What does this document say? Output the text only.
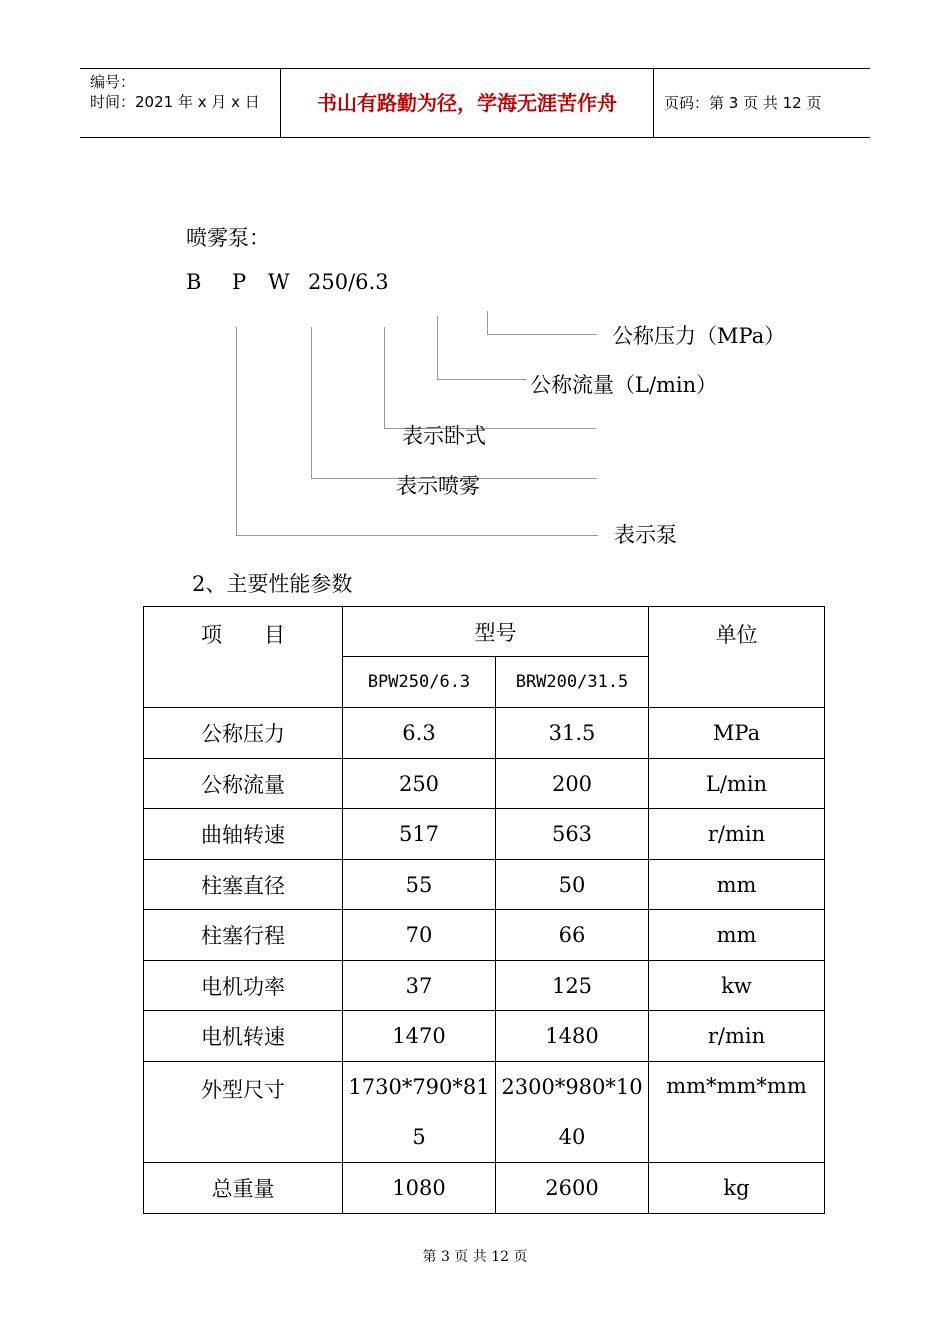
编号：
时间：2021 年 x 月 x 日	书山有路勤为径，学海无涯苦作舟	页码：第 3 页 共 12 页
喷雾泵：
B P W 250/6.3
公称压力（MPa）
公称流量（L/min）
表示卧式
表示喷雾
表示泵
2、主要性能参数
项　　目	型号		单位
	BPW250/6.3	BRW200/31.5	
公称压力	6.3	31.5	MPa
公称流量	250	200	L/min
曲轴转速	517	563	r/min
柱塞直径	55	50	mm
柱塞行程	70	66	mm
电机功率	37	125	kw
电机转速	1470	1480	r/min
外型尺寸	1730*790*815	2300*980*1040	mm*mm*mm
总重量	1080	2600	kg
第 3 页 共 12 页
